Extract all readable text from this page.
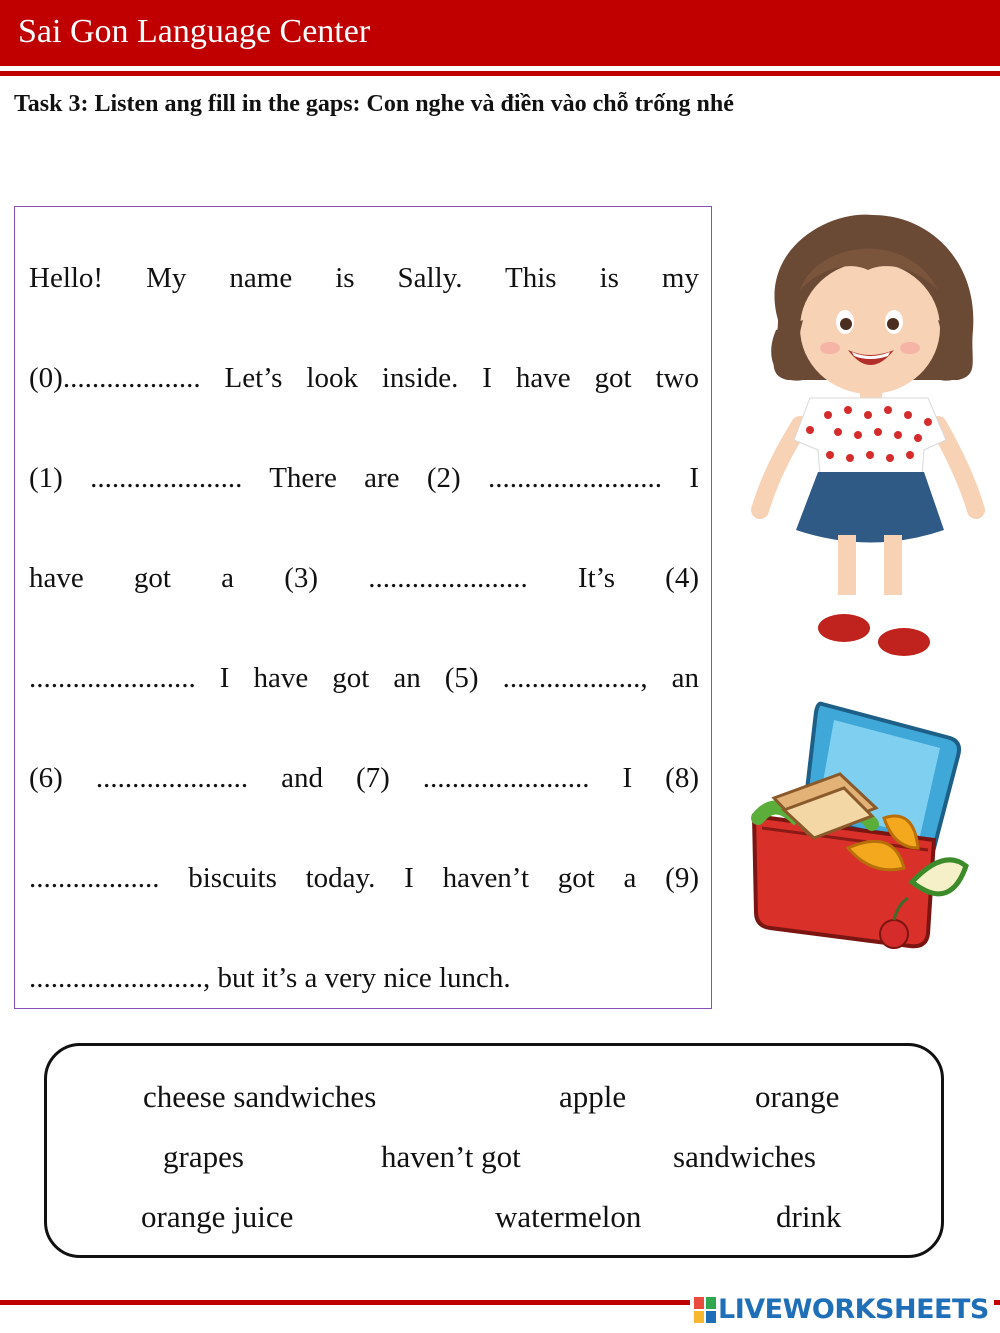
Sai Gon Language Center
Task 3: Listen ang fill in the gaps: Con nghe và điền vào chỗ trống nhé
Hello! My name is Sally. This is my
(0)................... Let’s look inside. I have got two
(1) ..................... There are (2) ........................ I
have got a (3) ...................... It’s (4)
....................... I have got an (5) ..................., an
(6) ..................... and (7) ....................... I (8)
.................. biscuits today. I haven’t got a (9)
........................, but it’s a very nice lunch.
cheese sandwiches	apple	orange
grapes	haven’t got	sandwiches
orange juice	watermelon	drink
LIVEWORKSHEETS
